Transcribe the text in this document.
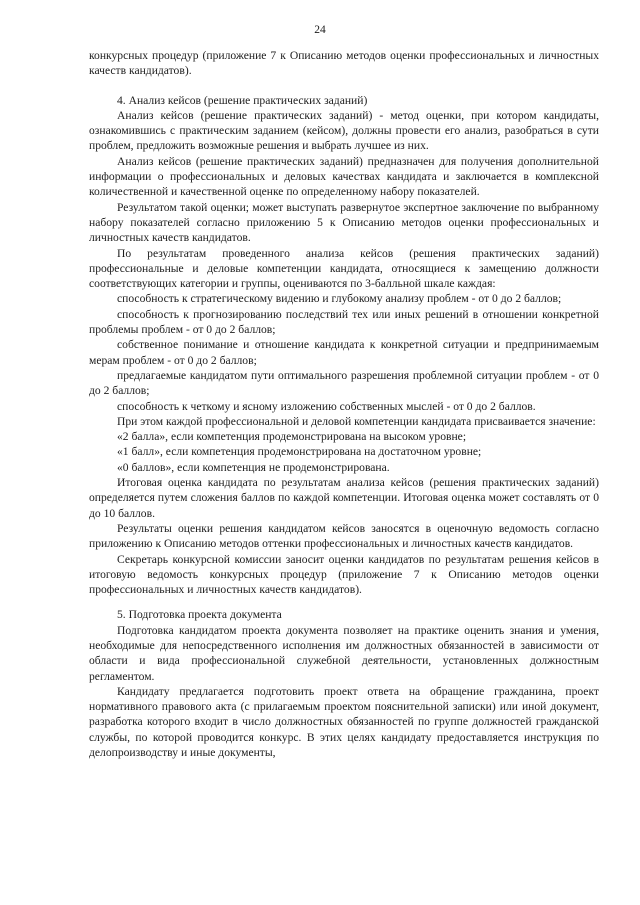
24

конкурсных процедур (приложение 7 к Описанию методов оценки профессиональных и личностных качеств кандидатов).

4. Анализ кейсов (решение практических заданий)

Анализ кейсов (решение практических заданий) - метод оценки, при котором кандидаты, ознакомившись с практическим заданием (кейсом), должны провести его анализ, разобраться в сути проблем, предложить возможные решения и выбрать лучшее из них.

Анализ кейсов (решение практических заданий) предназначен для получения дополнительной информации о профессиональных и деловых качествах кандидата и заключается в комплексной количественной и качественной оценке по определенному набору показателей.

Результатом такой оценки; может выступать развернутое экспертное заключение по выбранному набору показателей согласно приложению 5 к Описанию методов оценки профессиональных и личностных качеств кандидатов.

По результатам проведенного анализа кейсов (решения практических заданий) профессиональные и деловые компетенции кандидата, относящиеся к замещению должности соответствующих категории и группы, оцениваются по 3-балльной шкале каждая:

способность к стратегическому видению и глубокому анализу проблем - от 0 до 2 баллов;

способность к прогнозированию последствий тех или иных решений в отношении конкретной проблемы проблем - от 0 до 2 баллов;

собственное понимание и отношение кандидата к конкретной ситуации и предпринимаемым мерам проблем - от 0 до 2 баллов;

предлагаемые кандидатом пути оптимального разрешения проблемной ситуации проблем - от 0 до 2 баллов;

способность к четкому и ясному изложению собственных мыслей - от 0 до 2 баллов.

При этом каждой профессиональной и деловой компетенции кандидата присваивается значение:

«2 балла», если компетенция продемонстрирована на высоком уровне;

«1 балл», если компетенция продемонстрирована на достаточном уровне;

«0 баллов», если компетенция не продемонстрирована.

Итоговая оценка кандидата по результатам анализа кейсов (решения практических заданий) определяется путем сложения баллов по каждой компетенции. Итоговая оценка может составлять от 0 до 10 баллов.

Результаты оценки решения кандидатом кейсов заносятся в оценочную ведомость согласно приложению к Описанию методов оттенки профессиональных и личностных качеств кандидатов.

Секретарь конкурсной комиссии заносит оценки кандидатов по результатам решения кейсов в итоговую ведомость конкурсных процедур (приложение 7 к Описанию методов оценки профессиональных и личностных качеств кандидатов).

5. Подготовка проекта документа

Подготовка кандидатом проекта документа позволяет на практике оценить знания и умения, необходимые для непосредственного исполнения им должностных обязанностей в зависимости от области и вида профессиональной служебной деятельности, установленных должностным регламентом.

Кандидату предлагается подготовить проект ответа на обращение гражданина, проект нормативного правового акта (с прилагаемым проектом пояснительной записки) или иной документ, разработка которого входит в число должностных обязанностей по группе должностей гражданской службы, по которой проводится конкурс. В этих целях кандидату предоставляется инструкция по делопроизводству и иные документы,
